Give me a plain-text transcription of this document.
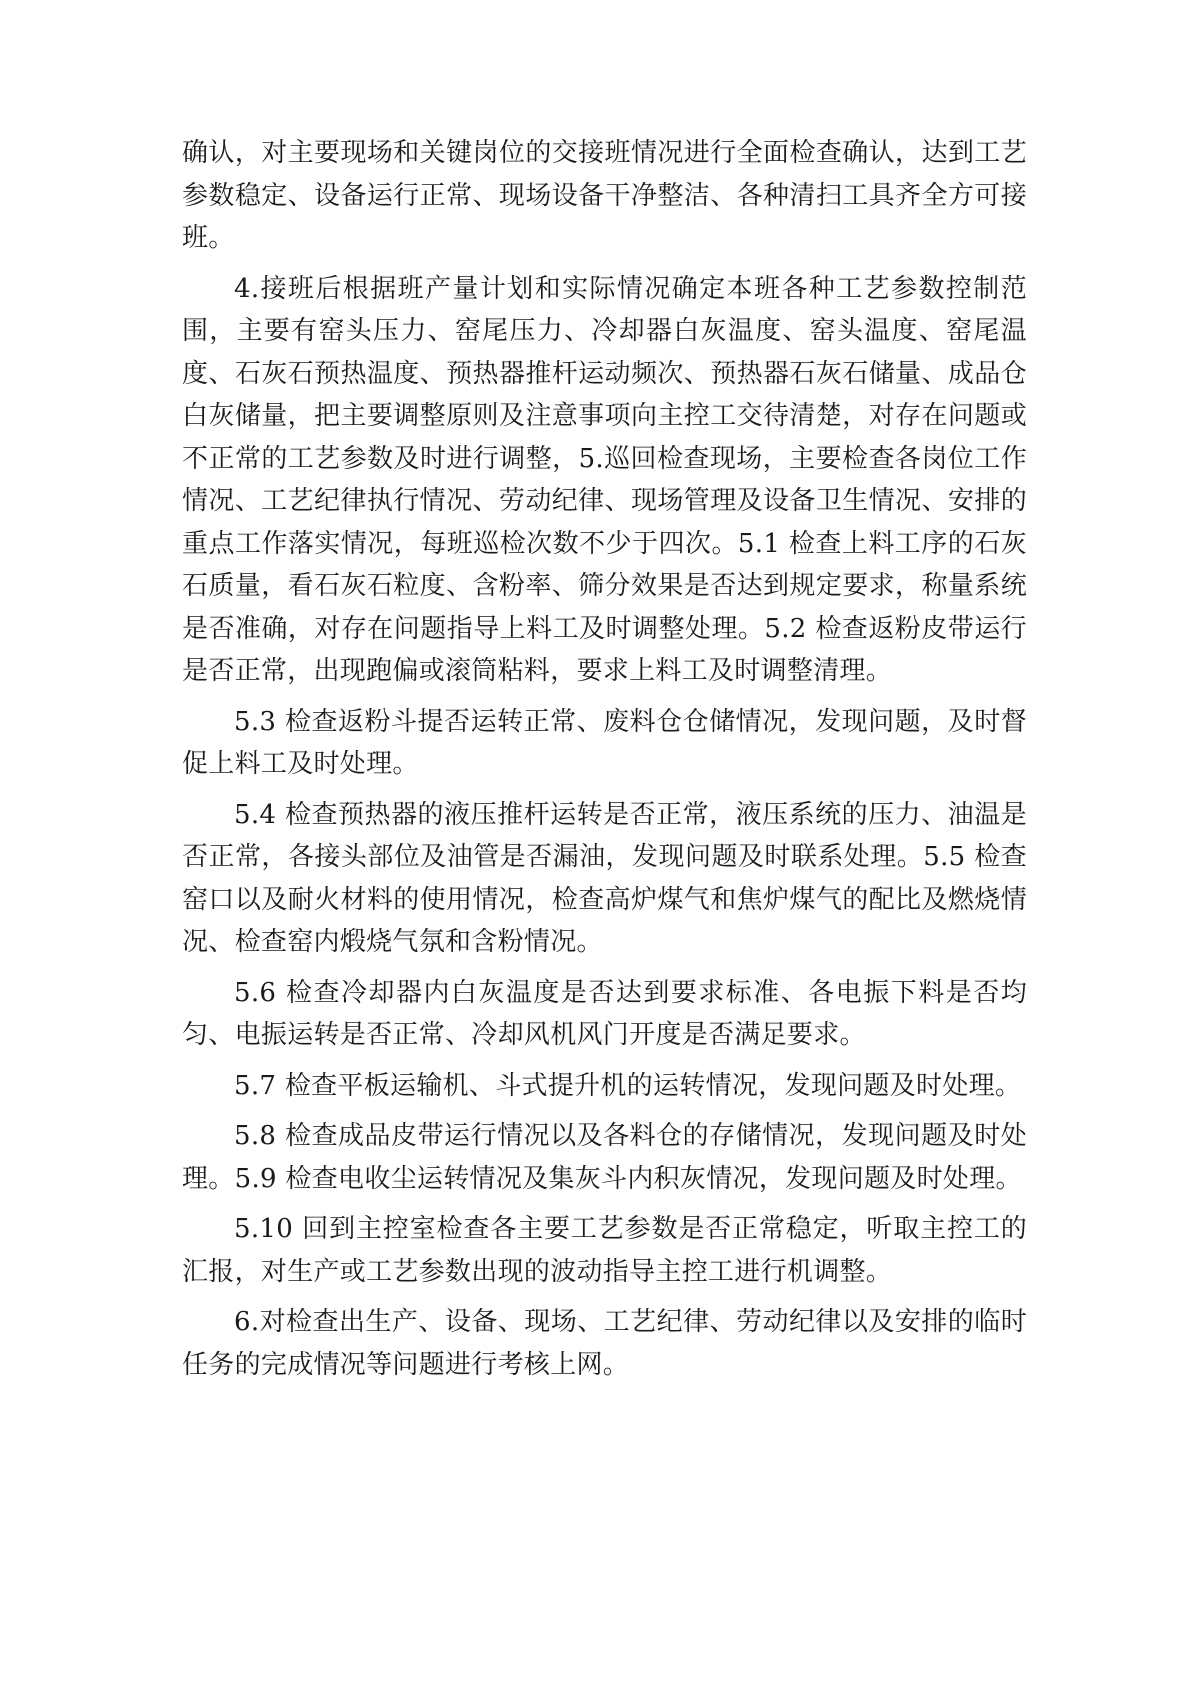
确认，对主要现场和关键岗位的交接班情况进行全面检查确认，达到工艺参数稳定、设备运行正常、现场设备干净整洁、各种清扫工具齐全方可接班。

4.接班后根据班产量计划和实际情况确定本班各种工艺参数控制范围，主要有窑头压力、窑尾压力、冷却器白灰温度、窑头温度、窑尾温度、石灰石预热温度、预热器推杆运动频次、预热器石灰石储量、成品仓白灰储量，把主要调整原则及注意事项向主控工交待清楚，对存在问题或不正常的工艺参数及时进行调整，5.巡回检查现场，主要检查各岗位工作情况、工艺纪律执行情况、劳动纪律、现场管理及设备卫生情况、安排的重点工作落实情况，每班巡检次数不少于四次。5.1 检查上料工序的石灰石质量，看石灰石粒度、含粉率、筛分效果是否达到规定要求，称量系统是否准确，对存在问题指导上料工及时调整处理。5.2 检查返粉皮带运行是否正常，出现跑偏或滚筒粘料，要求上料工及时调整清理。

5.3 检查返粉斗提否运转正常、废料仓仓储情况，发现问题，及时督促上料工及时处理。

5.4 检查预热器的液压推杆运转是否正常，液压系统的压力、油温是否正常，各接头部位及油管是否漏油，发现问题及时联系处理。5.5 检查窑口以及耐火材料的使用情况，检查高炉煤气和焦炉煤气的配比及燃烧情况、检查窑内煅烧气氛和含粉情况。

5.6 检查冷却器内白灰温度是否达到要求标准、各电振下料是否均匀、电振运转是否正常、冷却风机风门开度是否满足要求。

5.7 检查平板运输机、斗式提升机的运转情况，发现问题及时处理。

5.8 检查成品皮带运行情况以及各料仓的存储情况，发现问题及时处理。5.9 检查电收尘运转情况及集灰斗内积灰情况，发现问题及时处理。

5.10 回到主控室检查各主要工艺参数是否正常稳定，听取主控工的汇报，对生产或工艺参数出现的波动指导主控工进行机调整。

6.对检查出生产、设备、现场、工艺纪律、劳动纪律以及安排的临时任务的完成情况等问题进行考核上网。
